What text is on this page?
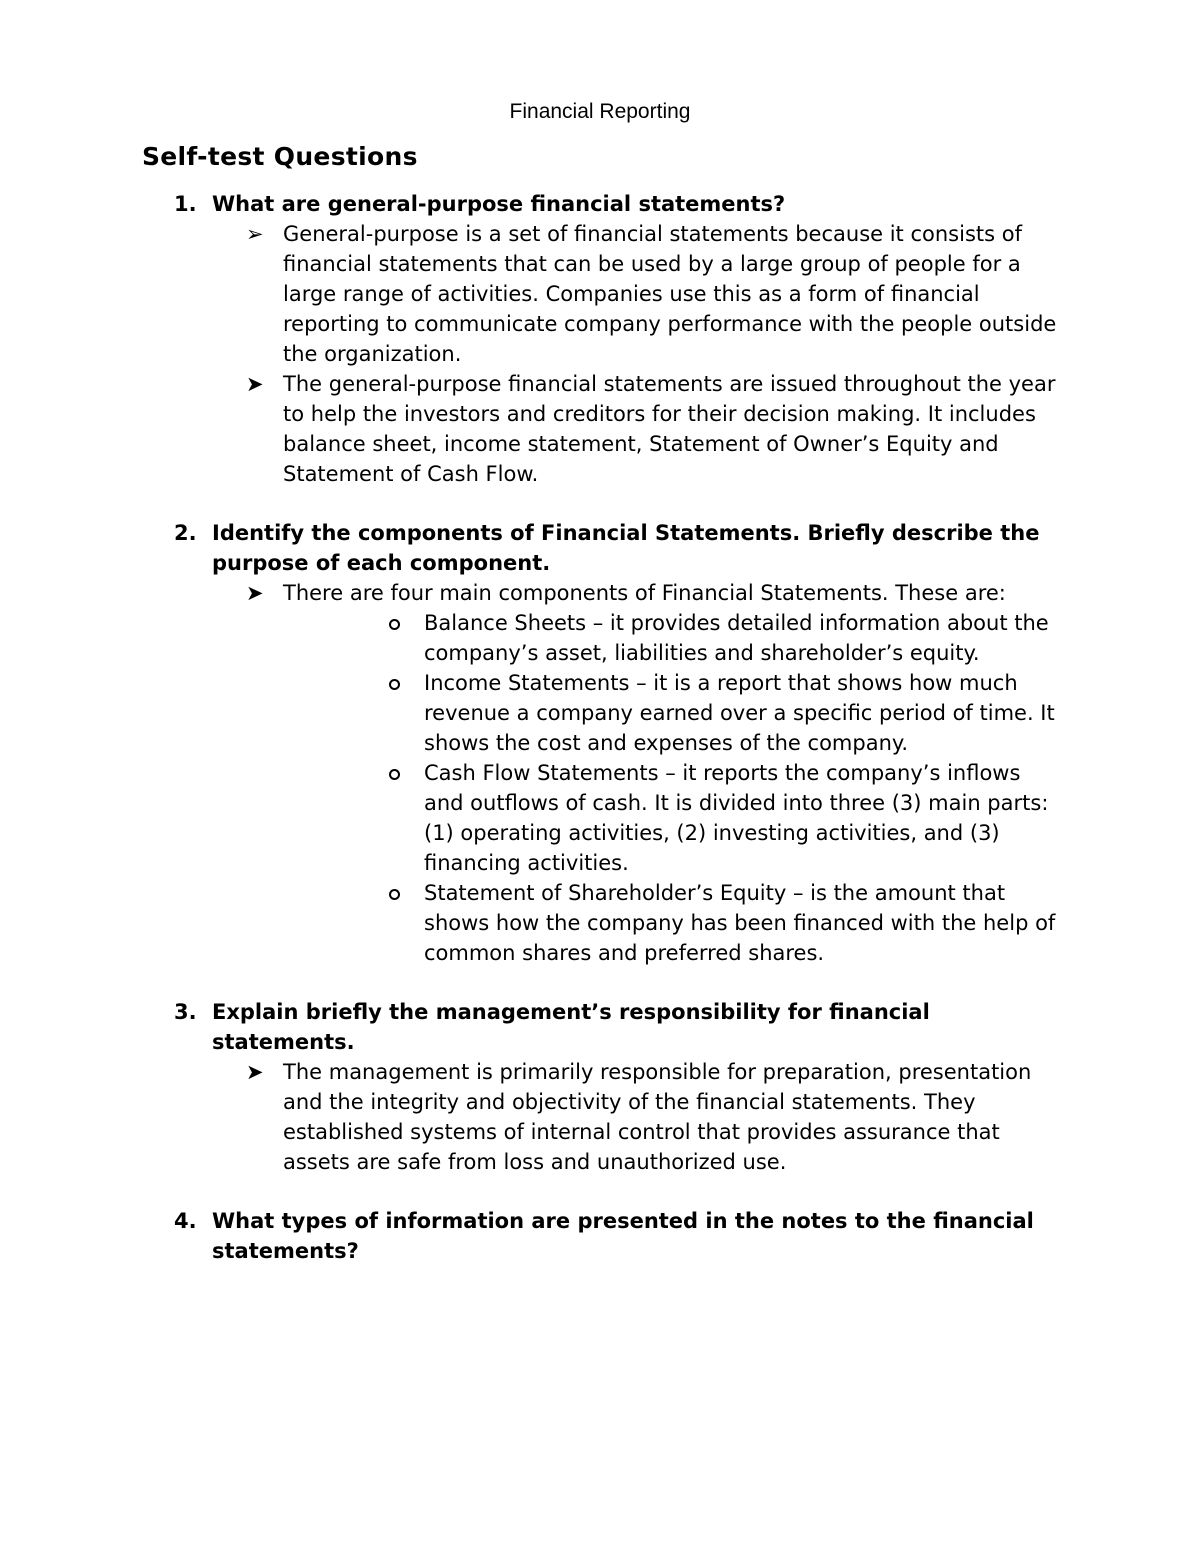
Financial Reporting
Self-test Questions
1. What are general-purpose financial statements?
➢ General-purpose is a set of financial statements because it consists of financial statements that can be used by a large group of people for a large range of activities. Companies use this as a form of financial reporting to communicate company performance with the people outside the organization.
➤ The general-purpose financial statements are issued throughout the year to help the investors and creditors for their decision making. It includes balance sheet, income statement, Statement of Owner’s Equity and Statement of Cash Flow.
2. Identify the components of Financial Statements. Briefly describe the purpose of each component.
➤ There are four main components of Financial Statements. These are:
Balance Sheets – it provides detailed information about the company’s asset, liabilities and shareholder’s equity.
Income Statements – it is a report that shows how much revenue a company earned over a specific period of time. It shows the cost and expenses of the company.
Cash Flow Statements – it reports the company’s inflows and outflows of cash. It is divided into three (3) main parts: (1) operating activities, (2) investing activities, and (3) financing activities.
Statement of Shareholder’s Equity – is the amount that shows how the company has been financed with the help of common shares and preferred shares.
3. Explain briefly the management’s responsibility for financial statements.
➤ The management is primarily responsible for preparation, presentation and the integrity and objectivity of the financial statements. They established systems of internal control that provides assurance that assets are safe from loss and unauthorized use.
4. What types of information are presented in the notes to the financial statements?
